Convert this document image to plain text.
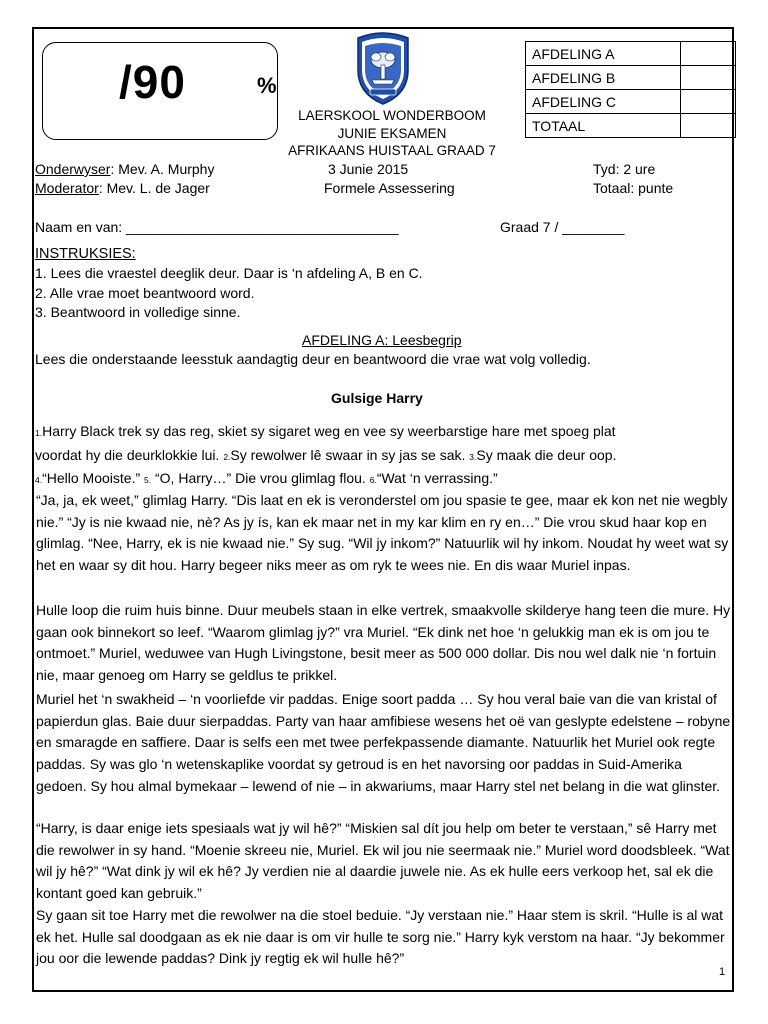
/90	%
AFDELING A	
AFDELING B	
AFDELING C	
TOTAAL	
LAERSKOOL WONDERBOOM
JUNIE EKSAMEN
AFRIKAANS HUISTAAL GRAAD 7
Onderwyser: Mev. A. Murphy	3 Junie 2015	Tyd: 2 ure
Moderator: Mev. L. de Jager	Formele Assessering	Totaal: punte
Naam en van: ___________________________________	Graad 7 / ________
INSTRUKSIES:
1. Lees die vraestel deeglik deur. Daar is ‘n afdeling A, B en C.
2. Alle vrae moet beantwoord word.
3. Beantwoord in volledige sinne.
AFDELING A: Leesbegrip
Lees die onderstaande leesstuk aandagtig deur en beantwoord die vrae wat volg volledig.
Gulsige Harry
1.Harry Black trek sy das reg, skiet sy sigaret weg en vee sy weerbarstige hare met spoeg plat
voordat hy die deurklokkie lui. 2.Sy rewolwer lê swaar in sy jas se sak. 3.Sy maak die deur oop.
4.“Hello Mooiste.” 5. “O, Harry…” Die vrou glimlag flou. 6.“Wat ‘n verrassing.”

“Ja, ja, ek weet,” glimlag Harry. “Dis laat en ek is veronderstel om jou spasie te gee, maar ek kon net nie wegbly nie.” “Jy is nie kwaad nie, nè? As jy ís, kan ek maar net in my kar klim en ry en…” Die vrou skud haar kop en glimlag. “Nee, Harry, ek is nie kwaad nie.” Sy sug. “Wil jy inkom?” Natuurlik wil hy inkom. Noudat hy weet wat sy het en waar sy dit hou. Harry begeer niks meer as om ryk te wees nie. En dis waar Muriel inpas.

Hulle loop die ruim huis binne. Duur meubels staan in elke vertrek, smaakvolle skilderye hang teen die mure. Hy gaan ook binnekort so leef. “Waarom glimlag jy?” vra Muriel. “Ek dink net hoe ‘n gelukkig man ek is om jou te ontmoet.” Muriel, weduwee van Hugh Livingstone, besit meer as 500 000 dollar. Dis nou wel dalk nie ‘n fortuin nie, maar genoeg om Harry se geldlus te prikkel.

Muriel het ‘n swakheid – ‘n voorliefde vir paddas. Enige soort padda … Sy hou veral baie van die van kristal of papierdun glas. Baie duur sierpaddas. Party van haar amfibiese wesens het oë van geslypte edelstene – robyne en smaragde en saffiere. Daar is selfs een met twee perfekpassende diamante. Natuurlik het Muriel ook regte paddas. Sy was glo ‘n wetenskaplike voordat sy getroud is en het navorsing oor paddas in Suid-Amerika gedoen. Sy hou almal bymekaar – lewend of nie – in akwariums, maar Harry stel net belang in die wat glinster.

“Harry, is daar enige iets spesiaals wat jy wil hê?” “Miskien sal dít jou help om beter te verstaan,” sê Harry met die rewolwer in sy hand. “Moenie skreeu nie, Muriel. Ek wil jou nie seermaak nie.” Muriel word doodsbleek. “Wat wil jy hê?” “Wat dink jy wil ek hê? Jy verdien nie al daardie juwele nie. As ek hulle eers verkoop het, sal ek die kontant goed kan gebruik.”

Sy gaan sit toe Harry met die rewolwer na die stoel beduie. “Jy verstaan nie.” Haar stem is skril. “Hulle is al wat ek het. Hulle sal doodgaan as ek nie daar is om vir hulle te sorg nie.” Harry kyk verstom na haar. “Jy bekommer jou oor die lewende paddas? Dink jy regtig ek wil hulle hê?”

1
